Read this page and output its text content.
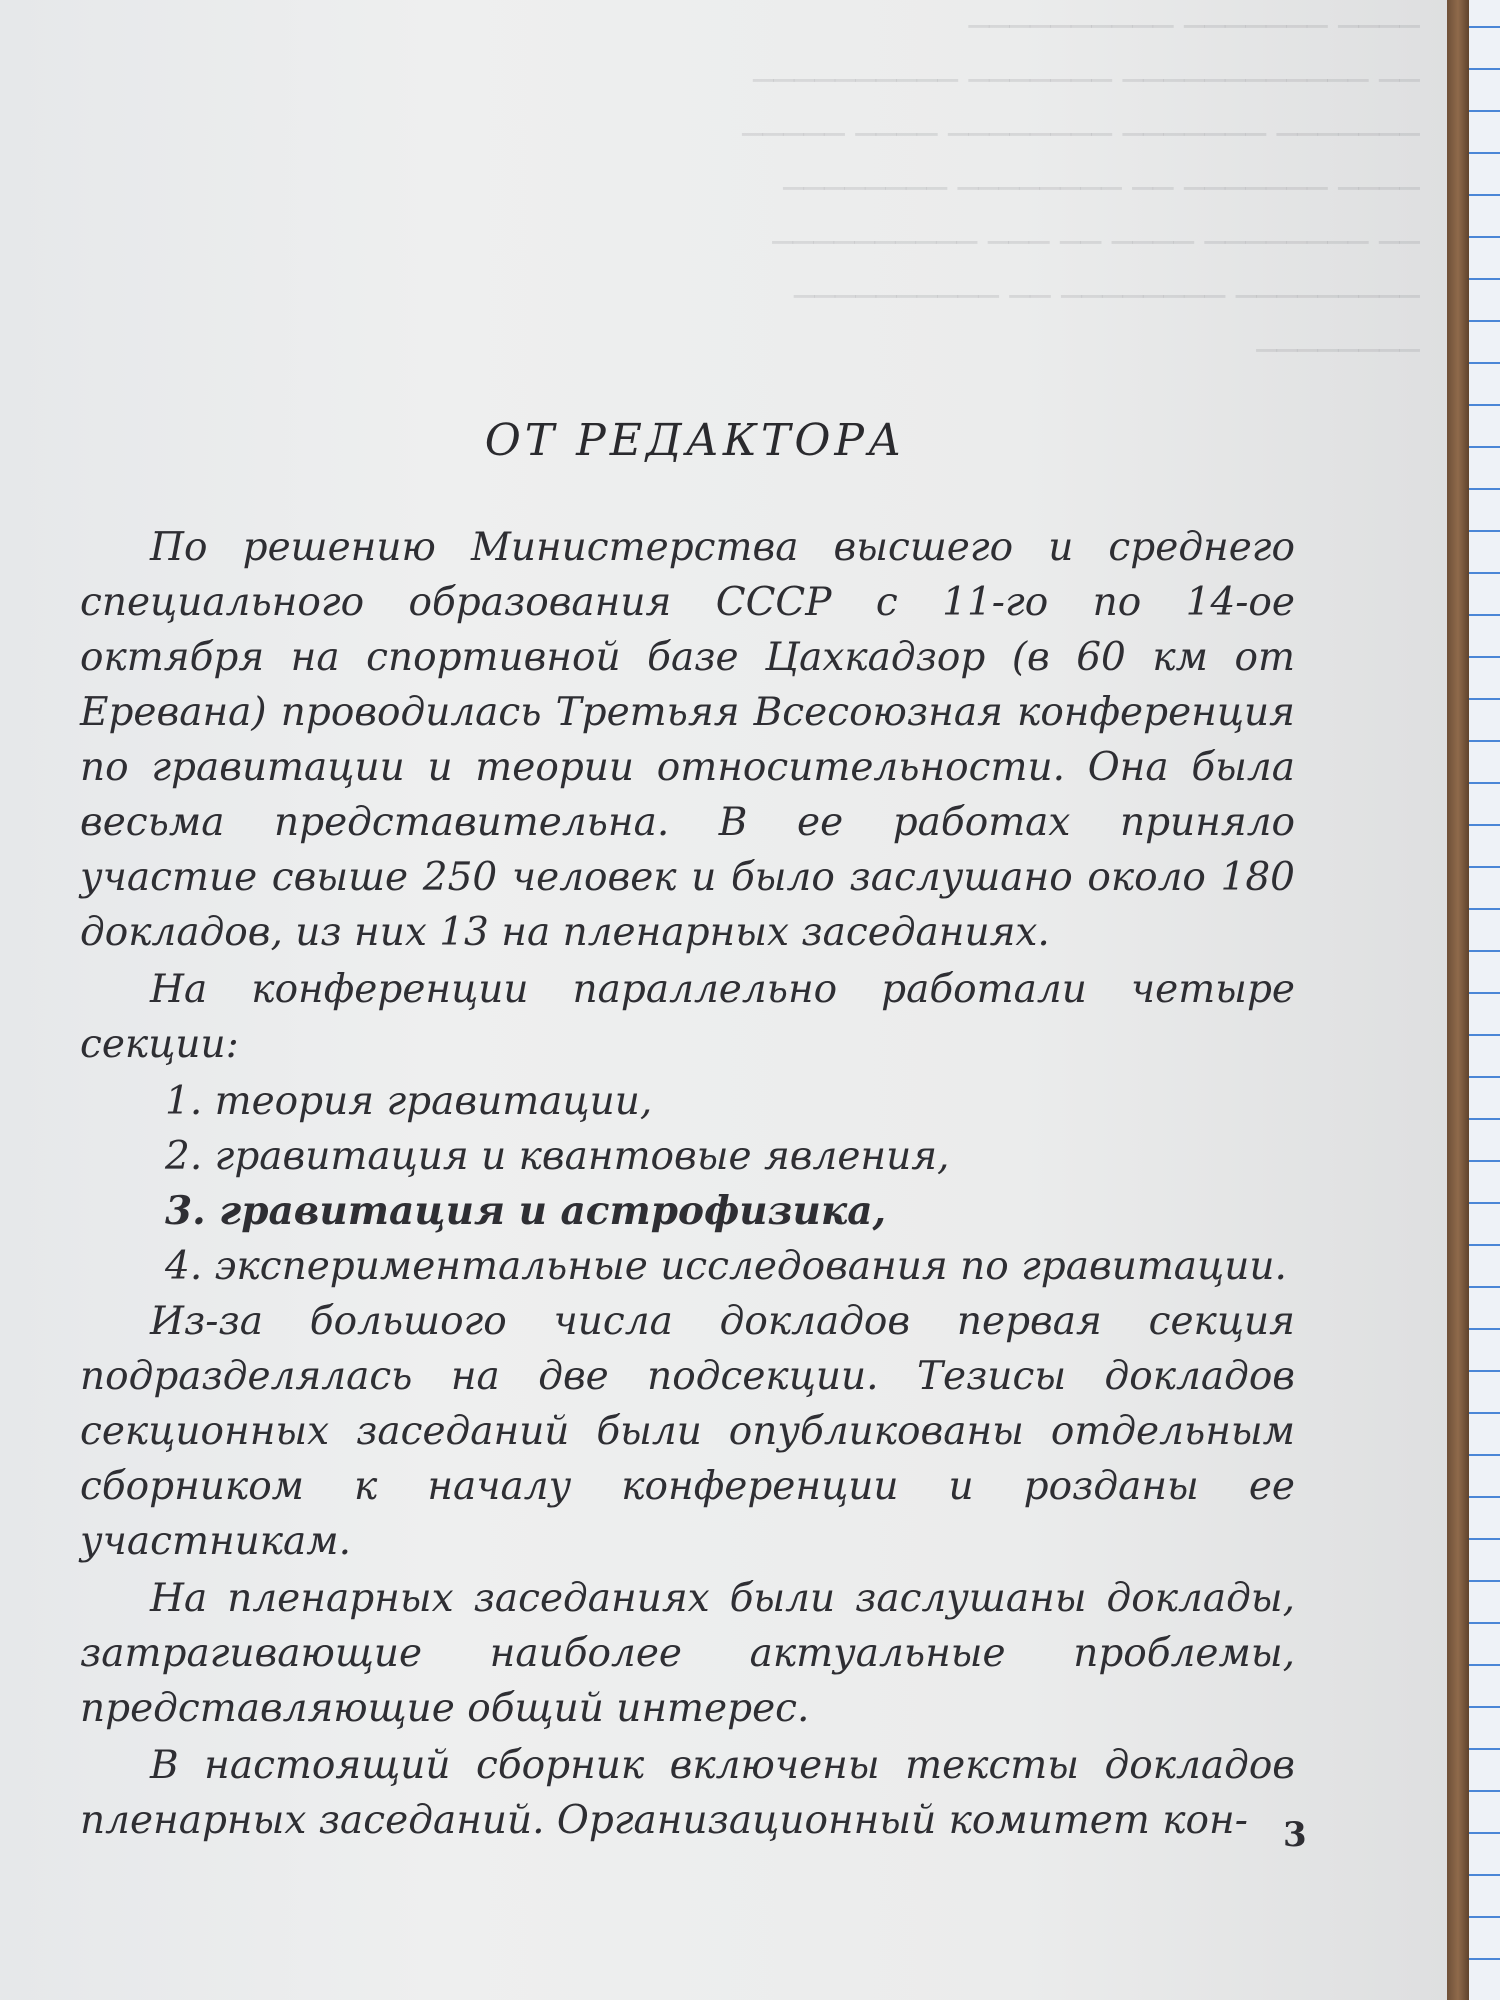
──── ─────── ──────────
── ──────────── ─────── ──────────
─────── ─────── ──────── ──── ─────
──── ─────── ── ──────── ────────
── ──────── ──── ── ─── ──────────
───────── ──────── ── ──────────
────────
ОТ РЕДАКТОРА

По решению Министерства высшего и среднего специального образования СССР с 11-го по 14-ое октября на спортивной базе Цахкадзор (в 60 км от Еревана) проводилась Третьяя Всесоюзная конференция по гравитации и теории относительности. Она была весьма представительна. В ее работах приняло участие свыше 250 человек и было заслушано около 180 докладов, из них 13 на пленарных заседаниях.

На конференции параллельно работали четыре секции:

1. теория гравитации,
2. гравитация и квантовые явления,
3. гравитация и астрофизика,
4. экспериментальные исследования по гравитации.

Из-за большого числа докладов первая секция подразделялась на две подсекции. Тезисы докладов секционных заседаний были опубликованы отдельным сборником к началу конференции и розданы ее участникам.

На пленарных заседаниях были заслушаны доклады, затрагивающие наиболее актуальные проблемы, представляющие общий интерес.

В настоящий сборник включены тексты докладов пленарных заседаний. Организационный комитет кон-	3
